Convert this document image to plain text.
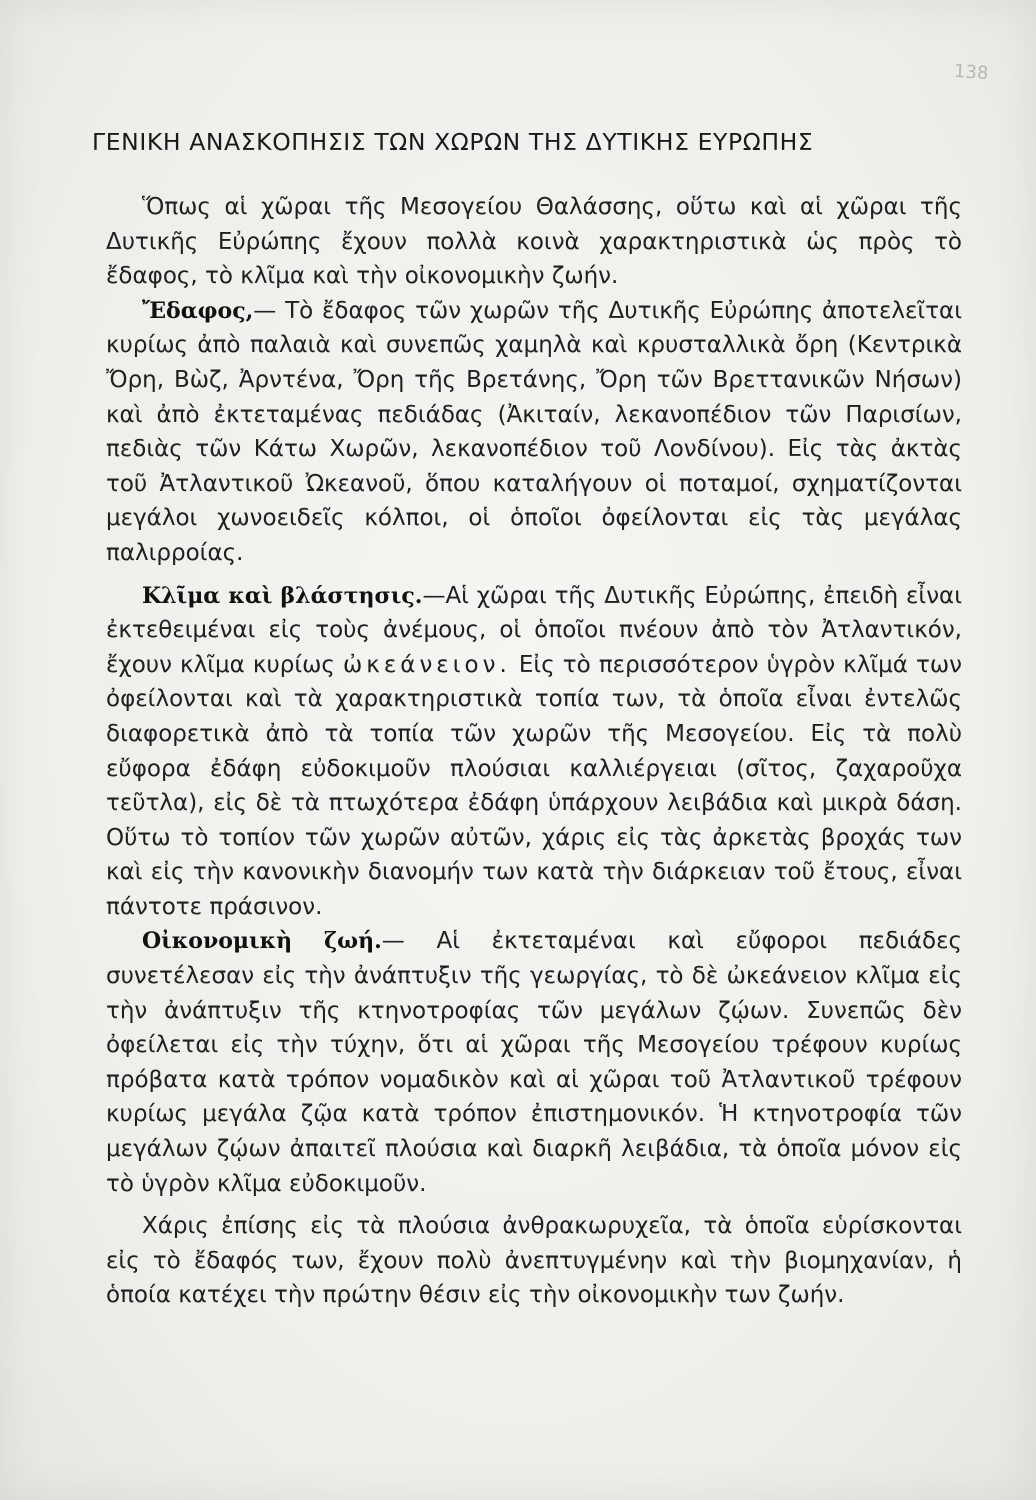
138
ΓΕΝΙΚΗ ΑΝΑΣΚΟΠΗΣΙΣ ΤΩΝ ΧΩΡΩΝ ΤΗΣ ΔΥΤΙΚΗΣ ΕΥΡΩΠΗΣ

Ὅπως αἱ χῶραι τῆς Μεσογείου Θαλάσσης, οὕτω καὶ αἱ χῶραι τῆς Δυτικῆς Εὐρώπης ἔχουν πολλὰ κοινὰ χαρακτηριστικὰ ὡς πρὸς τὸ ἔδαφος, τὸ κλῖμα καὶ τὴν οἰκονομικὴν ζωήν.

Ἔδαφος,— Τὸ ἔδαφος τῶν χωρῶν τῆς Δυτικῆς Εὐρώπης ἀποτελεῖται κυρίως ἀπὸ παλαιὰ καὶ συνεπῶς χαμηλὰ καὶ κρυσταλλικὰ ὄρη (Κεντρικὰ Ὄρη, Βὼζ, Ἀρντένα, Ὄρη τῆς Βρετάνης, Ὄρη τῶν Βρεττανικῶν Νήσων) καὶ ἀπὸ ἐκτεταμένας πεδιάδας (Ἀκιταίν, λεκανοπέδιον τῶν Παρισίων, πεδιὰς τῶν Κάτω Χωρῶν, λεκανοπέδιον τοῦ Λονδίνου). Εἰς τὰς ἀκτὰς τοῦ Ἀτλαντικοῦ Ὠκεανοῦ, ὅπου καταλήγουν οἱ ποταμοί, σχηματίζονται μεγάλοι χωνοειδεῖς κόλποι, οἱ ὁποῖοι ὀφείλονται εἰς τὰς μεγάλας παλιρροίας.

Κλῖμα καὶ βλάστησις.—Αἱ χῶραι τῆς Δυτικῆς Εὐρώπης, ἐπειδὴ εἶναι ἐκτεθειμέναι εἰς τοὺς ἀνέμους, οἱ ὁποῖοι πνέουν ἀπὸ τὸν Ἀτλαντικόν, ἔχουν κλῖμα κυρίως ὠκεάνειον. Εἰς τὸ περισσότερον ὑγρὸν κλῖμά των ὀφείλονται καὶ τὰ χαρακτηριστικὰ τοπία των, τὰ ὁποῖα εἶναι ἐντελῶς διαφορετικὰ ἀπὸ τὰ τοπία τῶν χωρῶν τῆς Μεσογείου. Εἰς τὰ πολὺ εὔφορα ἐδάφη εὐδοκιμοῦν πλούσιαι καλλιέργειαι (σῖτος, ζαχαροῦχα τεῦτλα), εἰς δὲ τὰ πτωχότερα ἐδάφη ὑπάρχουν λειβάδια καὶ μικρὰ δάση. Οὕτω τὸ τοπίον τῶν χωρῶν αὐτῶν, χάρις εἰς τὰς ἀρκετὰς βροχάς των καὶ εἰς τὴν κανονικὴν διανομήν των κατὰ τὴν διάρκειαν τοῦ ἔτους, εἶναι πάντοτε πράσινον.

Οἰκονομικὴ ζωή.— Αἱ ἐκτεταμέναι καὶ εὔφοροι πεδιάδες συνετέλεσαν εἰς τὴν ἀνάπτυξιν τῆς γεωργίας, τὸ δὲ ὠκεάνειον κλῖμα εἰς τὴν ἀνάπτυξιν τῆς κτηνοτροφίας τῶν μεγάλων ζῴων. Συνεπῶς δὲν ὀφείλεται εἰς τὴν τύχην, ὅτι αἱ χῶραι τῆς Μεσογείου τρέφουν κυρίως πρόβατα κατὰ τρόπον νομαδικὸν καὶ αἱ χῶραι τοῦ Ἀτλαντικοῦ τρέφουν κυρίως μεγάλα ζῷα κατὰ τρόπον ἐπιστημονικόν. Ἡ κτηνοτροφία τῶν μεγάλων ζῴων ἀπαιτεῖ πλούσια καὶ διαρκῆ λειβάδια, τὰ ὁποῖα μόνον εἰς τὸ ὑγρὸν κλῖμα εὐδοκιμοῦν.

Χάρις ἐπίσης εἰς τὰ πλούσια ἀνθρακωρυχεῖα, τὰ ὁποῖα εὑρίσκονται εἰς τὸ ἔδαφός των, ἔχουν πολὺ ἀνεπτυγμένην καὶ τὴν βιομηχανίαν, ἡ ὁποία κατέχει τὴν πρώτην θέσιν εἰς τὴν οἰκονομικὴν των ζωήν.
